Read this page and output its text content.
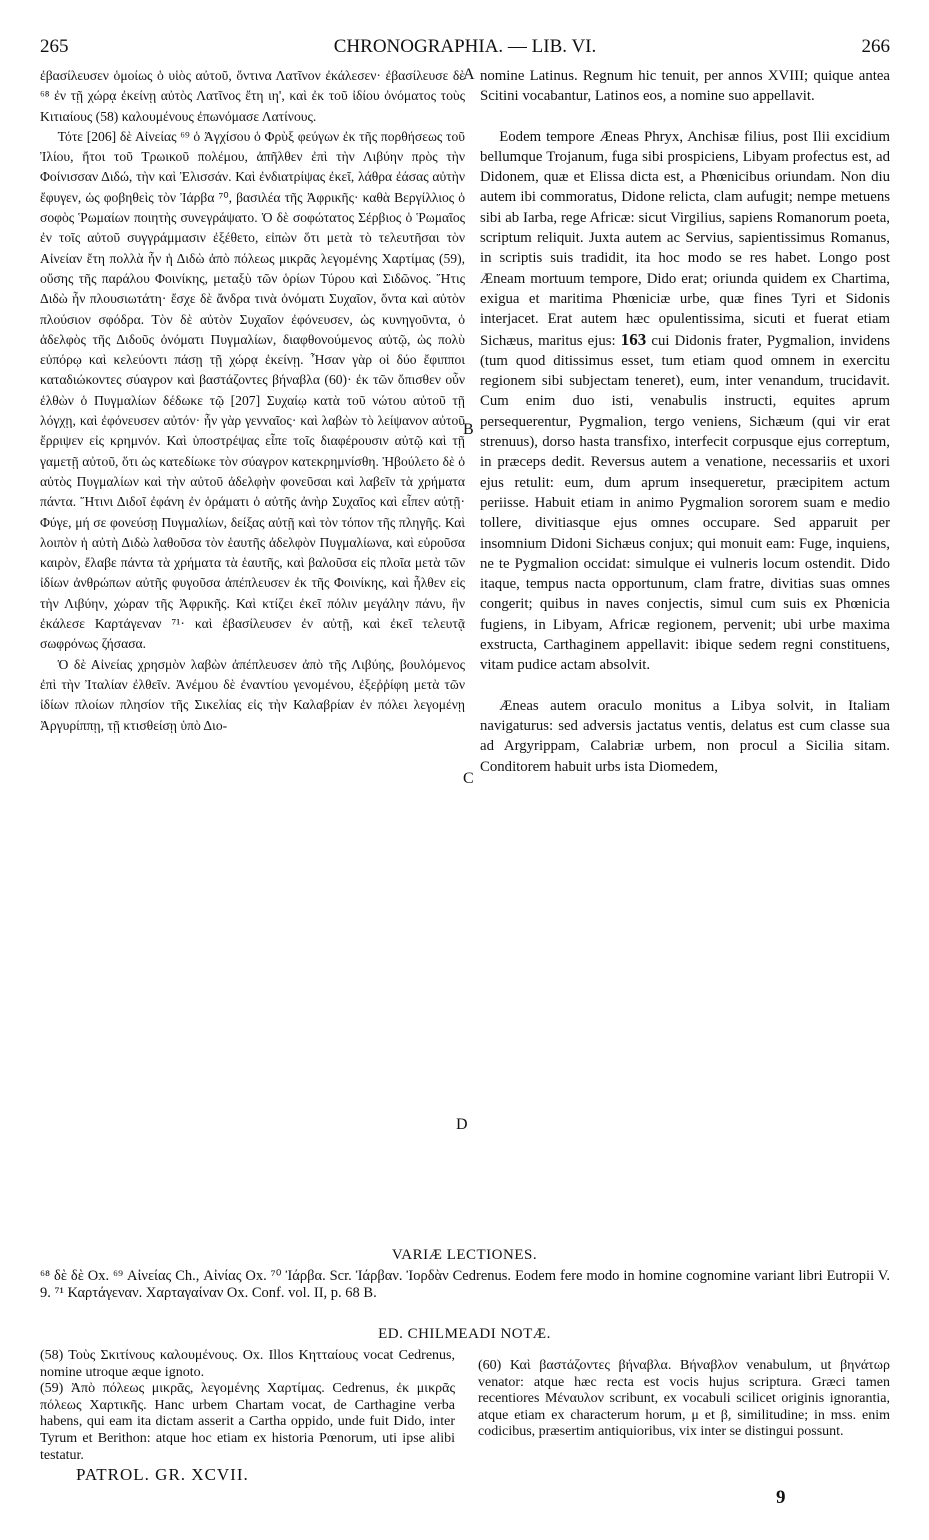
265	CHRONOGRAPHIA. — LIB. VI.	266

ἐβασίλευσεν ὁμοίως ὁ υἱὸς αὐτοῦ, ὅντινα Λατῖνον ἐκάλεσεν· ἐβασίλευσε δὲ ⁶⁸ ἐν τῇ χώρᾳ ἐκείνῃ αὐτὸς Λατῖνος ἔτη ιη', καὶ ἐκ τοῦ ἰδίου ὀνόματος τοὺς Κιτιαίους (58) καλουμένους ἐπωνόμασε Λατίνους.

Τότε [206] δὲ Αἰνείας ⁶⁹ ὁ Ἀγχίσου ὁ Φρὺξ φεύγων ἐκ τῆς πορθήσεως τοῦ Ἰλίου, ἤτοι τοῦ Τρωικοῦ πολέμου, ἀπῆλθεν ἐπὶ τὴν Λιβύην πρὸς τὴν Φοίνισσαν Διδώ, τὴν καὶ Ἐλισσάν. Καὶ ἐνδιατρίψας ἐκεῖ, λάθρα ἐάσας αὐτὴν ἔφυγεν, ὡς φοβηθεὶς τὸν Ἰάρβα ⁷⁰, βασιλέα τῆς Ἀφρικῆς· καθὰ Βεργίλλιος ὁ σοφὸς Ῥωμαίων ποιητὴς συνεγράψατο. Ὁ δὲ σοφώτατος Σέρβιος ὁ Ῥωμαῖος ἐν τοῖς αὐτοῦ συγγράμμασιν ἐξέθετο, εἰπὼν ὅτι μετὰ τὸ τελευτῆσαι τὸν Αἰνείαν ἔτη πολλὰ ἦν ἡ Διδὼ ἀπὸ πόλεως μικρᾶς λεγομένης Χαρτίμας (59), οὔσης τῆς παράλου Φοινίκης, μεταξὺ τῶν ὁρίων Τύρου καὶ Σιδῶνος. Ἥτις Διδὼ ἦν πλουσιωτάτη· ἔσχε δὲ ἄνδρα τινὰ ὀνόματι Συχαῖον, ὄντα καὶ αὐτὸν πλούσιον σφόδρα. Τὸν δὲ αὐτὸν Συχαῖον ἐφόνευσεν, ὡς κυνηγοῦντα, ὁ ἀδελφὸς τῆς Διδοῦς ὀνόματι Πυγμαλίων, διαφθονούμενος αὐτῷ, ὡς πολὺ εὐπόρῳ καὶ κελεύοντι πάσῃ τῇ χώρᾳ ἐκείνῃ. Ἦσαν γὰρ οἱ δύο ἔφιπποι καταδιώκοντες σύαγρον καὶ βαστάζοντες βήναβλα (60)· ἐκ τῶν ὄπισθεν οὖν ἐλθὼν ὁ Πυγμαλίων δέδωκε τῷ [207] Συχαίῳ κατὰ τοῦ νώτου αὐτοῦ τῇ λόγχῃ, καὶ ἐφόνευσεν αὐτόν· ἦν γὰρ γενναῖος· καὶ λαβὼν τὸ λείψανον αὐτοῦ ἔρριψεν εἰς κρημνόν. Καὶ ὑποστρέψας εἶπε τοῖς διαφέρουσιν αὐτῷ καὶ τῇ γαμετῇ αὐτοῦ, ὅτι ὡς κατεδίωκε τὸν σύαγρον κατεκρημνίσθη. Ἠβούλετο δὲ ὁ αὐτὸς Πυγμαλίων καὶ τὴν αὐτοῦ ἀδελφὴν φονεῦσαι καὶ λαβεῖν τὰ χρήματα πάντα. Ἥτινι Διδοῖ ἐφάνη ἐν ὁράματι ὁ αὐτῆς ἀνὴρ Συχαῖος καὶ εἶπεν αὐτῇ· Φύγε, μή σε φονεύσῃ Πυγμαλίων, δείξας αὐτῇ καὶ τὸν τόπον τῆς πληγῆς. Καὶ λοιπὸν ἡ αὐτὴ Διδὼ λαθοῦσα τὸν ἑαυτῆς ἀδελφὸν Πυγμαλίωνα, καὶ εὑροῦσα καιρὸν, ἔλαβε πάντα τὰ χρήματα τὰ ἑαυτῆς, καὶ βαλοῦσα εἰς πλοῖα μετὰ τῶν ἰδίων ἀνθρώπων αὐτῆς φυγοῦσα ἀπέπλευσεν ἐκ τῆς Φοινίκης, καὶ ἦλθεν εἰς τὴν Λιβύην, χώραν τῆς Ἀφρικῆς. Καὶ κτίζει ἐκεῖ πόλιν μεγάλην πάνυ, ἣν ἐκάλεσε Καρτάγεναν ⁷¹· καὶ ἐβασίλευσεν ἐν αὐτῇ, καὶ ἐκεῖ τελευτᾷ σωφρόνως ζήσασα.

Ὁ δὲ Αἰνείας χρησμὸν λαβὼν ἀπέπλευσεν ἀπὸ τῆς Λιβύης, βουλόμενος ἐπὶ τὴν Ἰταλίαν ἐλθεῖν. Ἀνέμου δὲ ἐναντίου γενομένου, ἐξεῤῥίφη μετὰ τῶν ἰδίων πλοίων πλησίον τῆς Σικελίας εἰς τὴν Καλαβρίαν ἐν πόλει λεγομένῃ Ἀργυρίππῃ, τῇ κτισθείσῃ ὑπὸ Διο-

A
B
C
D

nomine Latinus. Regnum hic tenuit, per annos XVIII; quique antea Scitini vocabantur, Latinos eos, a nomine suo appellavit.

Eodem tempore Æneas Phryx, Anchisæ filius, post Ilii excidium bellumque Trojanum, fuga sibi prospiciens, Libyam profectus est, ad Didonem, quæ et Elissa dicta est, a Phœnicibus oriundam. Non diu autem ibi commoratus, Didone relicta, clam aufugit; nempe metuens sibi ab Iarba, rege Africæ: sicut Virgilius, sapiens Romanorum poeta, scriptum reliquit. Juxta autem ac Servius, sapientissimus Romanus, in scriptis suis tradidit, ita hoc modo se res habet. Longo post Æneam mortuum tempore, Dido erat; oriunda quidem ex Chartima, exigua et maritima Phœniciæ urbe, quæ fines Tyri et Sidonis interjacet. Erat autem hæc opulentissima, sicuti et fuerat etiam Sichæus, maritus ejus: 163 cui Didonis frater, Pygmalion, invidens (tum quod ditissimus esset, tum etiam quod omnem in exercitu regionem sibi subjectam teneret), eum, inter venandum, trucidavit. Cum enim duo isti, venabulis instructi, equites aprum persequerentur, Pygmalion, tergo veniens, Sichæum (qui vir erat strenuus), dorso hasta transfixo, interfecit corpusque ejus correptum, in præceps dedit. Reversus autem a venatione, necessariis et uxori ejus retulit: eum, dum aprum insequeretur, præcipitem actum periisse. Habuit etiam in animo Pygmalion sororem suam e medio tollere, divitiasque ejus omnes occupare. Sed apparuit per insomnium Didoni Sichæus conjux; qui monuit eam: Fuge, inquiens, ne te Pygmalion occidat: simulque ei vulneris locum ostendit. Dido itaque, tempus nacta opportunum, clam fratre, divitias suas omnes congerit; quibus in naves conjectis, simul cum suis ex Phœnicia fugiens, in Libyam, Africæ regionem, pervenit; ubi urbe maxima exstructa, Carthaginem appellavit: ibique sedem regni constituens, vitam pudice actam absolvit.

Æneas autem oraculo monitus a Libya solvit, in Italiam navigaturus: sed adversis jactatus ventis, delatus est cum classe sua ad Argyrippam, Calabriæ urbem, non procul a Sicilia sitam. Conditorem habuit urbs ista Diomedem,

VARIÆ LECTIONES.
⁶⁸ δὲ δὲ Ox. ⁶⁹ Αἰνείας Ch., Αἰνίας Ox. ⁷⁰ Ἰάρβα. Scr. Ἰάρβαν. Ἰορδὰν Cedrenus. Eodem fere modo in homine cognomine variant libri Eutropii V. 9. ⁷¹ Καρτάγεναν. Χαρταγαίναν Ox. Conf. vol. II, p. 68 B.
ED. CHILMEADI NOTÆ.

(58) Τοὺς Σκιτίνους καλουμένους. Ox. Illos Κητταίους vocat Cedrenus, nomine utroque æque ignoto.

(59) Ἀπὸ πόλεως μικρᾶς, λεγομένης Χαρτίμας. Cedrenus, ἐκ μικρᾶς πόλεως Χαρτικῆς. Hanc urbem Chartam vocat, de Carthagine verba habens, qui eam ita dictam asserit a Cartha oppido, unde fuit Dido, inter Tyrum et Berithon: atque hoc etiam ex historia Pœnorum, uti ipse alibi testatur.

(60) Καὶ βαστάζοντες βήναβλα. Βήναβλον venabulum, ut βηνάτωρ venator: atque hæc recta est vocis hujus scriptura. Græci tamen recentiores Μέναυλον scribunt, ex vocabuli scilicet originis ignorantia, atque etiam ex characterum horum, μ et β, similitudine; in mss. enim codicibus, præsertim antiquioribus, vix inter se distingui possunt.

PATROL. GR. XCVII.
9
